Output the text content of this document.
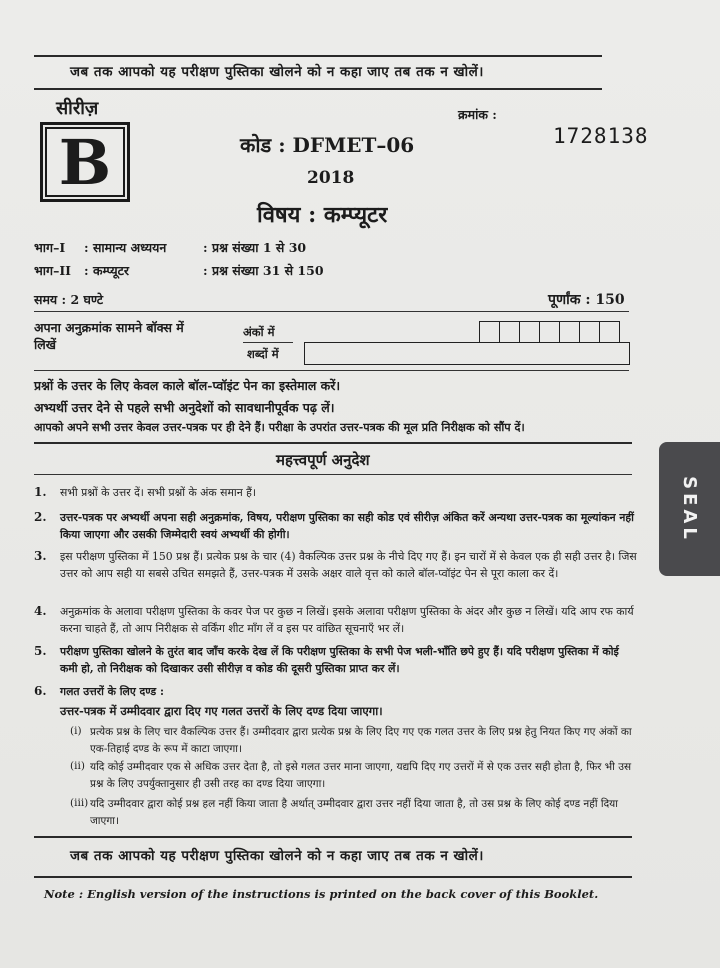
जब तक आपको यह परीक्षण पुस्तिका खोलने को न कहा जाए तब तक न खोलें।
सीरीज़
B
क्रमांक :
1728138
कोड : DFMET–06
2018
विषय : कम्प्यूटर
भाग–I : सामान्य अध्ययन	: प्रश्न संख्या 1 से 30
भाग–II : कम्प्यूटर	: प्रश्न संख्या 31 से 150
समय : 2 घण्टे	पूर्णांक : 150
अपना अनुक्रमांक सामने बॉक्स में लिखें
अंकों में
शब्दों में
प्रश्नों के उत्तर के लिए केवल काले बॉल-प्वॉइंट पेन का इस्तेमाल करें।
अभ्यर्थी उत्तर देने से पहले सभी अनुदेशों को सावधानीपूर्वक पढ़ लें।
आपको अपने सभी उत्तर केवल उत्तर-पत्रक पर ही देने हैं। परीक्षा के उपरांत उत्तर-पत्रक की मूल प्रति निरीक्षक को सौंप दें।
महत्त्वपूर्ण अनुदेश
1. सभी प्रश्नों के उत्तर दें। सभी प्रश्नों के अंक समान हैं।
2. उत्तर-पत्रक पर अभ्यर्थी अपना सही अनुक्रमांक, विषय, परीक्षण पुस्तिका का सही कोड एवं सीरीज़ अंकित करें अन्यथा उत्तर-पत्रक का मूल्यांकन नहीं किया जाएगा और उसकी जिम्मेदारी स्वयं अभ्यर्थी की होगी।
3. इस परीक्षण पुस्तिका में 150 प्रश्न हैं। प्रत्येक प्रश्न के चार (4) वैकल्पिक उत्तर प्रश्न के नीचे दिए गए हैं। इन चारों में से केवल एक ही सही उत्तर है। जिस उत्तर को आप सही या सबसे उचित समझते हैं, उत्तर-पत्रक में उसके अक्षर वाले वृत्त को काले बॉल-प्वॉइंट पेन से पूरा काला कर दें।
4. अनुक्रमांक के अलावा परीक्षण पुस्तिका के कवर पेज पर कुछ न लिखें। इसके अलावा परीक्षण पुस्तिका के अंदर और कुछ न लिखें। यदि आप रफ कार्य करना चाहते हैं, तो आप निरीक्षक से वर्किंग शीट माँग लें व इस पर वांछित सूचनाएँ भर लें।
5. परीक्षण पुस्तिका खोलने के तुरंत बाद जाँच करके देख लें कि परीक्षण पुस्तिका के सभी पेज भली-भाँति छपे हुए हैं। यदि परीक्षण पुस्तिका में कोई कमी हो, तो निरीक्षक को दिखाकर उसी सीरीज़ व कोड की दूसरी पुस्तिका प्राप्त कर लें।
6. गलत उत्तरों के लिए दण्ड :
उत्तर-पत्रक में उम्मीदवार द्वारा दिए गए गलत उत्तरों के लिए दण्ड दिया जाएगा।
(i) प्रत्येक प्रश्न के लिए चार वैकल्पिक उत्तर हैं। उम्मीदवार द्वारा प्रत्येक प्रश्न के लिए दिए गए एक गलत उत्तर के लिए प्रश्न हेतु नियत किए गए अंकों का एक-तिहाई दण्ड के रूप में काटा जाएगा।
(ii) यदि कोई उम्मीदवार एक से अधिक उत्तर देता है, तो इसे गलत उत्तर माना जाएगा, यद्यपि दिए गए उत्तरों में से एक उत्तर सही होता है, फिर भी उस प्रश्न के लिए उपर्युक्तानुसार ही उसी तरह का दण्ड दिया जाएगा।
(iii) यदि उम्मीदवार द्वारा कोई प्रश्न हल नहीं किया जाता है अर्थात् उम्मीदवार द्वारा उत्तर नहीं दिया जाता है, तो उस प्रश्न के लिए कोई दण्ड नहीं दिया जाएगा।
जब तक आपको यह परीक्षण पुस्तिका खोलने को न कहा जाए तब तक न खोलें।
Note : English version of the instructions is printed on the back cover of this Booklet.
SEAL
